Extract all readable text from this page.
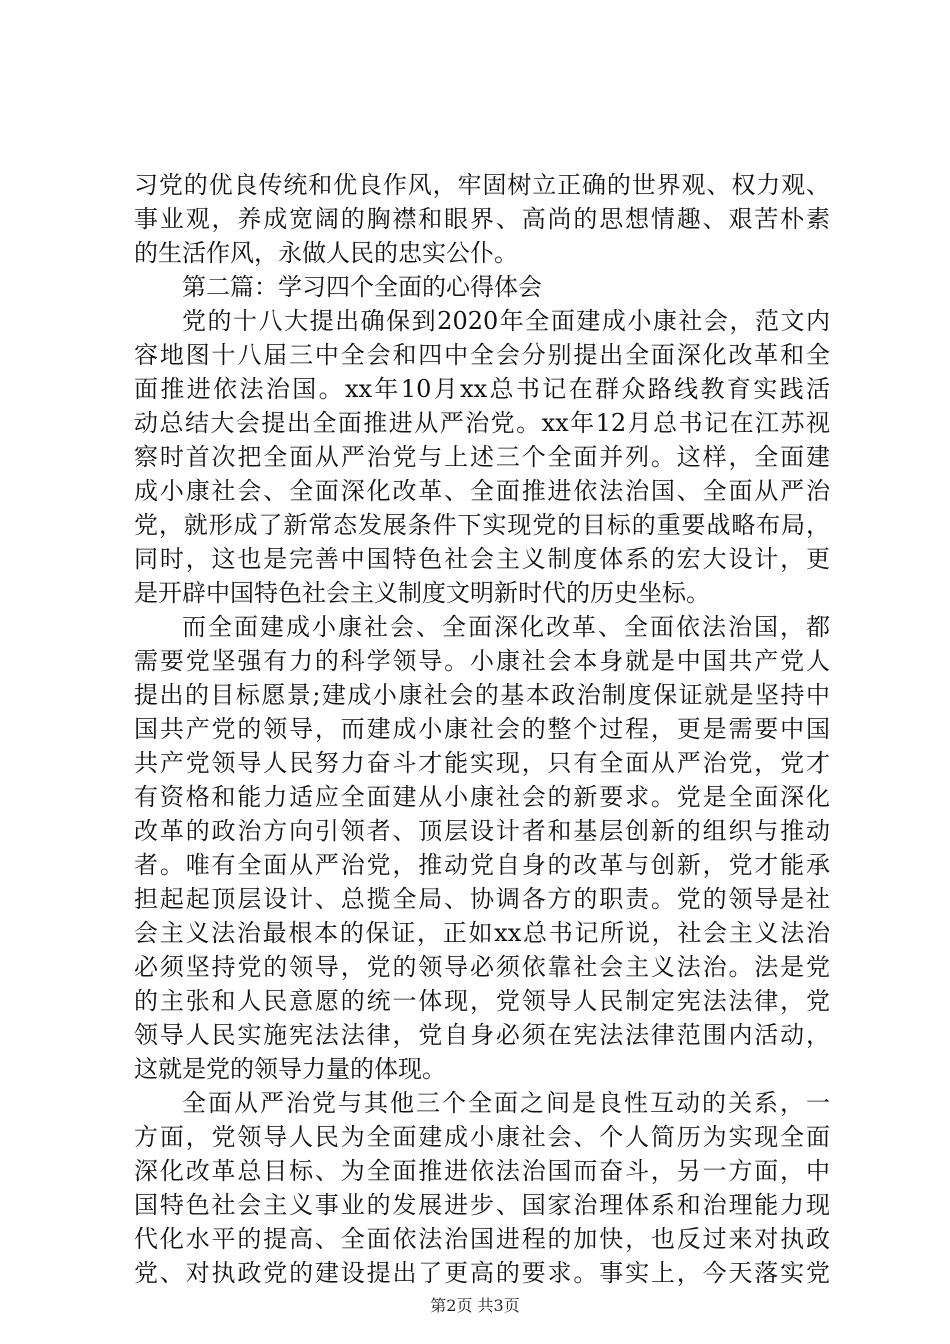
习党的优良传统和优良作风，牢固树立正确的世界观、权力观、
事业观，养成宽阔的胸襟和眼界、高尚的思想情趣、艰苦朴素
的生活作风，永做人民的忠实公仆。
第二篇：学习四个全面的心得体会
党的十八大提出确保到2020年全面建成小康社会，范文内
容地图十八届三中全会和四中全会分别提出全面深化改革和全
面推进依法治国。xx年10月xx总书记在群众路线教育实践活
动总结大会提出全面推进从严治党。xx年12月总书记在江苏视
察时首次把全面从严治党与上述三个全面并列。这样，全面建
成小康社会、全面深化改革、全面推进依法治国、全面从严治
党，就形成了新常态发展条件下实现党的目标的重要战略布局，
同时，这也是完善中国特色社会主义制度体系的宏大设计，更
是开辟中国特色社会主义制度文明新时代的历史坐标。
而全面建成小康社会、全面深化改革、全面依法治国，都
需要党坚强有力的科学领导。小康社会本身就是中国共产党人
提出的目标愿景;建成小康社会的基本政治制度保证就是坚持中
国共产党的领导，而建成小康社会的整个过程，更是需要中国
共产党领导人民努力奋斗才能实现，只有全面从严治党，党才
有资格和能力适应全面建从小康社会的新要求。党是全面深化
改革的政治方向引领者、顶层设计者和基层创新的组织与推动
者。唯有全面从严治党，推动党自身的改革与创新，党才能承
担起起顶层设计、总揽全局、协调各方的职责。党的领导是社
会主义法治最根本的保证，正如xx总书记所说，社会主义法治
必须坚持党的领导，党的领导必须依靠社会主义法治。法是党
的主张和人民意愿的统一体现，党领导人民制定宪法法律，党
领导人民实施宪法法律，党自身必须在宪法法律范围内活动，
这就是党的领导力量的体现。
全面从严治党与其他三个全面之间是良性互动的关系，一
方面，党领导人民为全面建成小康社会、个人简历为实现全面
深化改革总目标、为全面推进依法治国而奋斗，另一方面，中
国特色社会主义事业的发展进步、国家治理体系和治理能力现
代化水平的提高、全面依法治国进程的加快，也反过来对执政
党、对执政党的建设提出了更高的要求。事实上，今天落实党
第2页 共3页
